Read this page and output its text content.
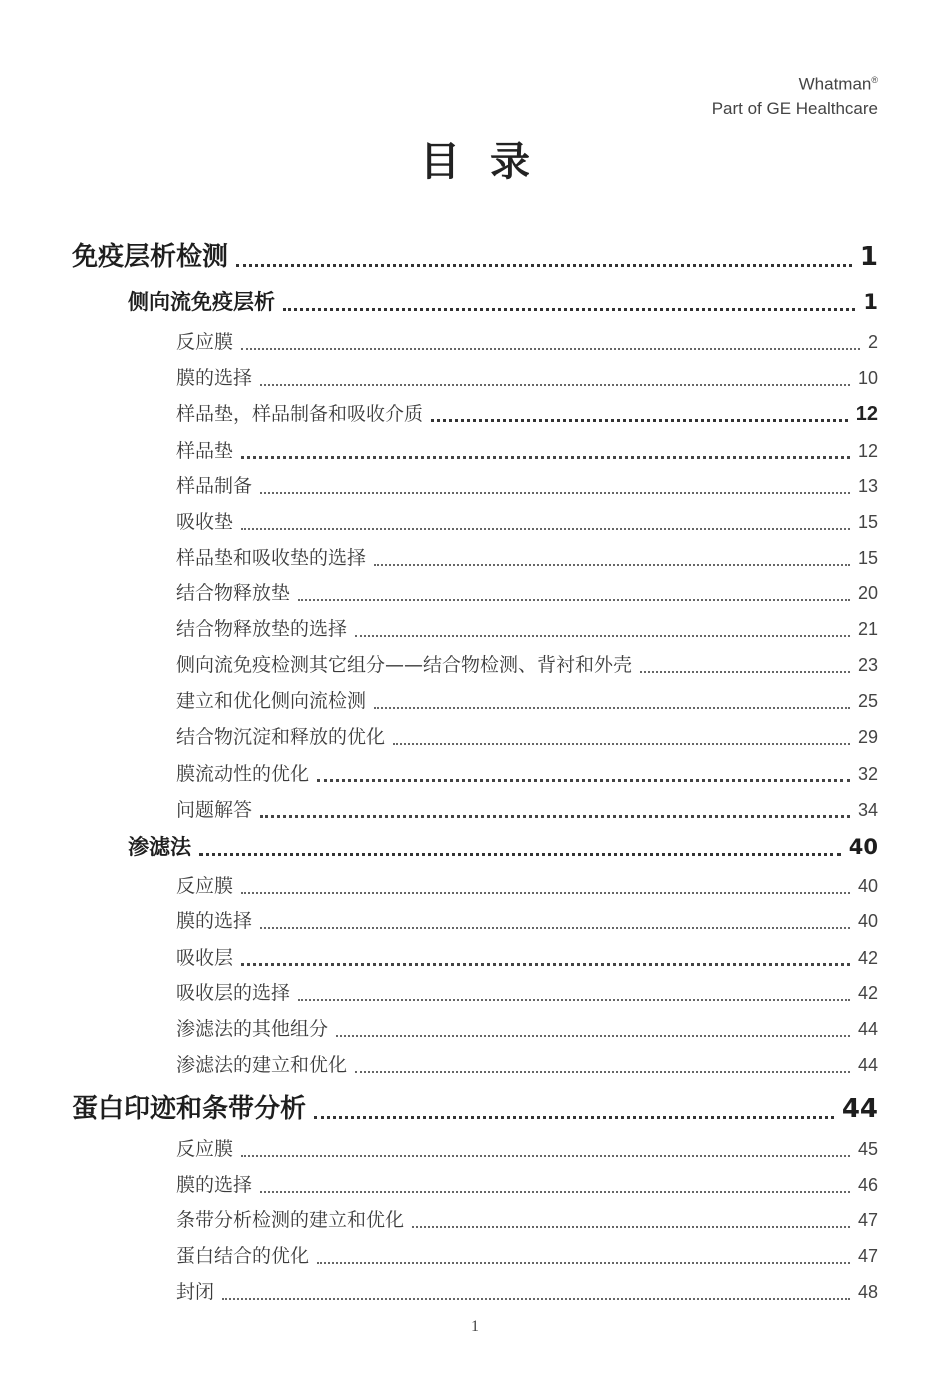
Whatman®
Part of GE Healthcare
目录
免疫层析检测	1
侧向流免疫层析	1
反应膜	2
膜的选择	10
样品垫，样品制备和吸收介质	12
样品垫	12
样品制备	13
吸收垫	15
样品垫和吸收垫的选择	15
结合物释放垫	20
结合物释放垫的选择	21
侧向流免疫检测其它组分——结合物检测、背衬和外壳	23
建立和优化侧向流检测	25
结合物沉淀和释放的优化	29
膜流动性的优化	32
问题解答	34
渗滤法	40
反应膜	40
膜的选择	40
吸收层	42
吸收层的选择	42
渗滤法的其他组分	44
渗滤法的建立和优化	44
蛋白印迹和条带分析	44
反应膜	45
膜的选择	46
条带分析检测的建立和优化	47
蛋白结合的优化	47
封闭	48
1
